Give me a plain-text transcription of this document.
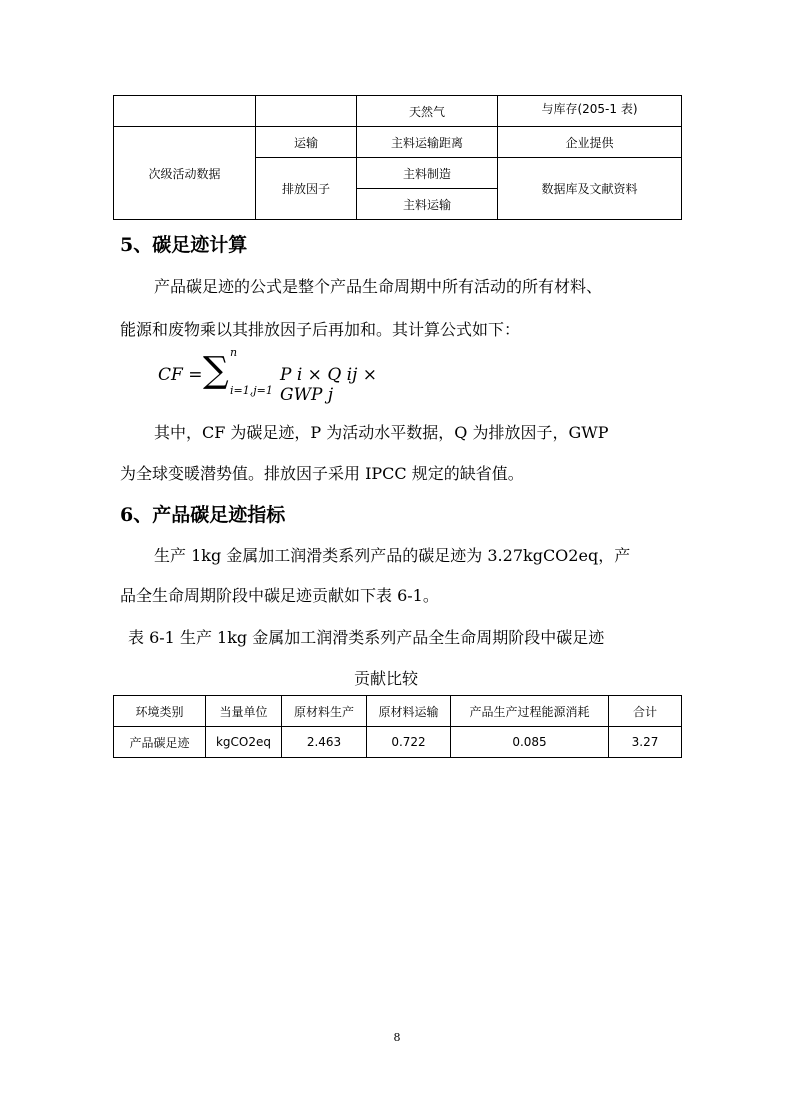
		天然气	与库存(205-1 表)
次级活动数据	运输	主料运输距离	企业提供
	排放因子	主料制造	数据库及文献资料
		主料运输	
5、碳足迹计算
产品碳足迹的公式是整个产品生命周期中所有活动的所有材料、
能源和废物乘以其排放因子后再加和。其计算公式如下：
CF = ∑ n
i=1,j=1
P i × Q ij × GWP j
其中，CF 为碳足迹，P 为活动水平数据，Q 为排放因子，GWP
为全球变暖潜势值。排放因子采用 IPCC 规定的缺省值。
6、产品碳足迹指标
生产 1kg 金属加工润滑类系列产品的碳足迹为 3.27kgCO2eq，产
品全生命周期阶段中碳足迹贡献如下表 6-1。
表 6-1 生产 1kg 金属加工润滑类系列产品全生命周期阶段中碳足迹
贡献比较
环境类别	当量单位	原材料生产	原材料运输	产品生产过程能源消耗	合计
产品碳足迹	kgCO2eq	2.463	0.722	0.085	3.27
8
